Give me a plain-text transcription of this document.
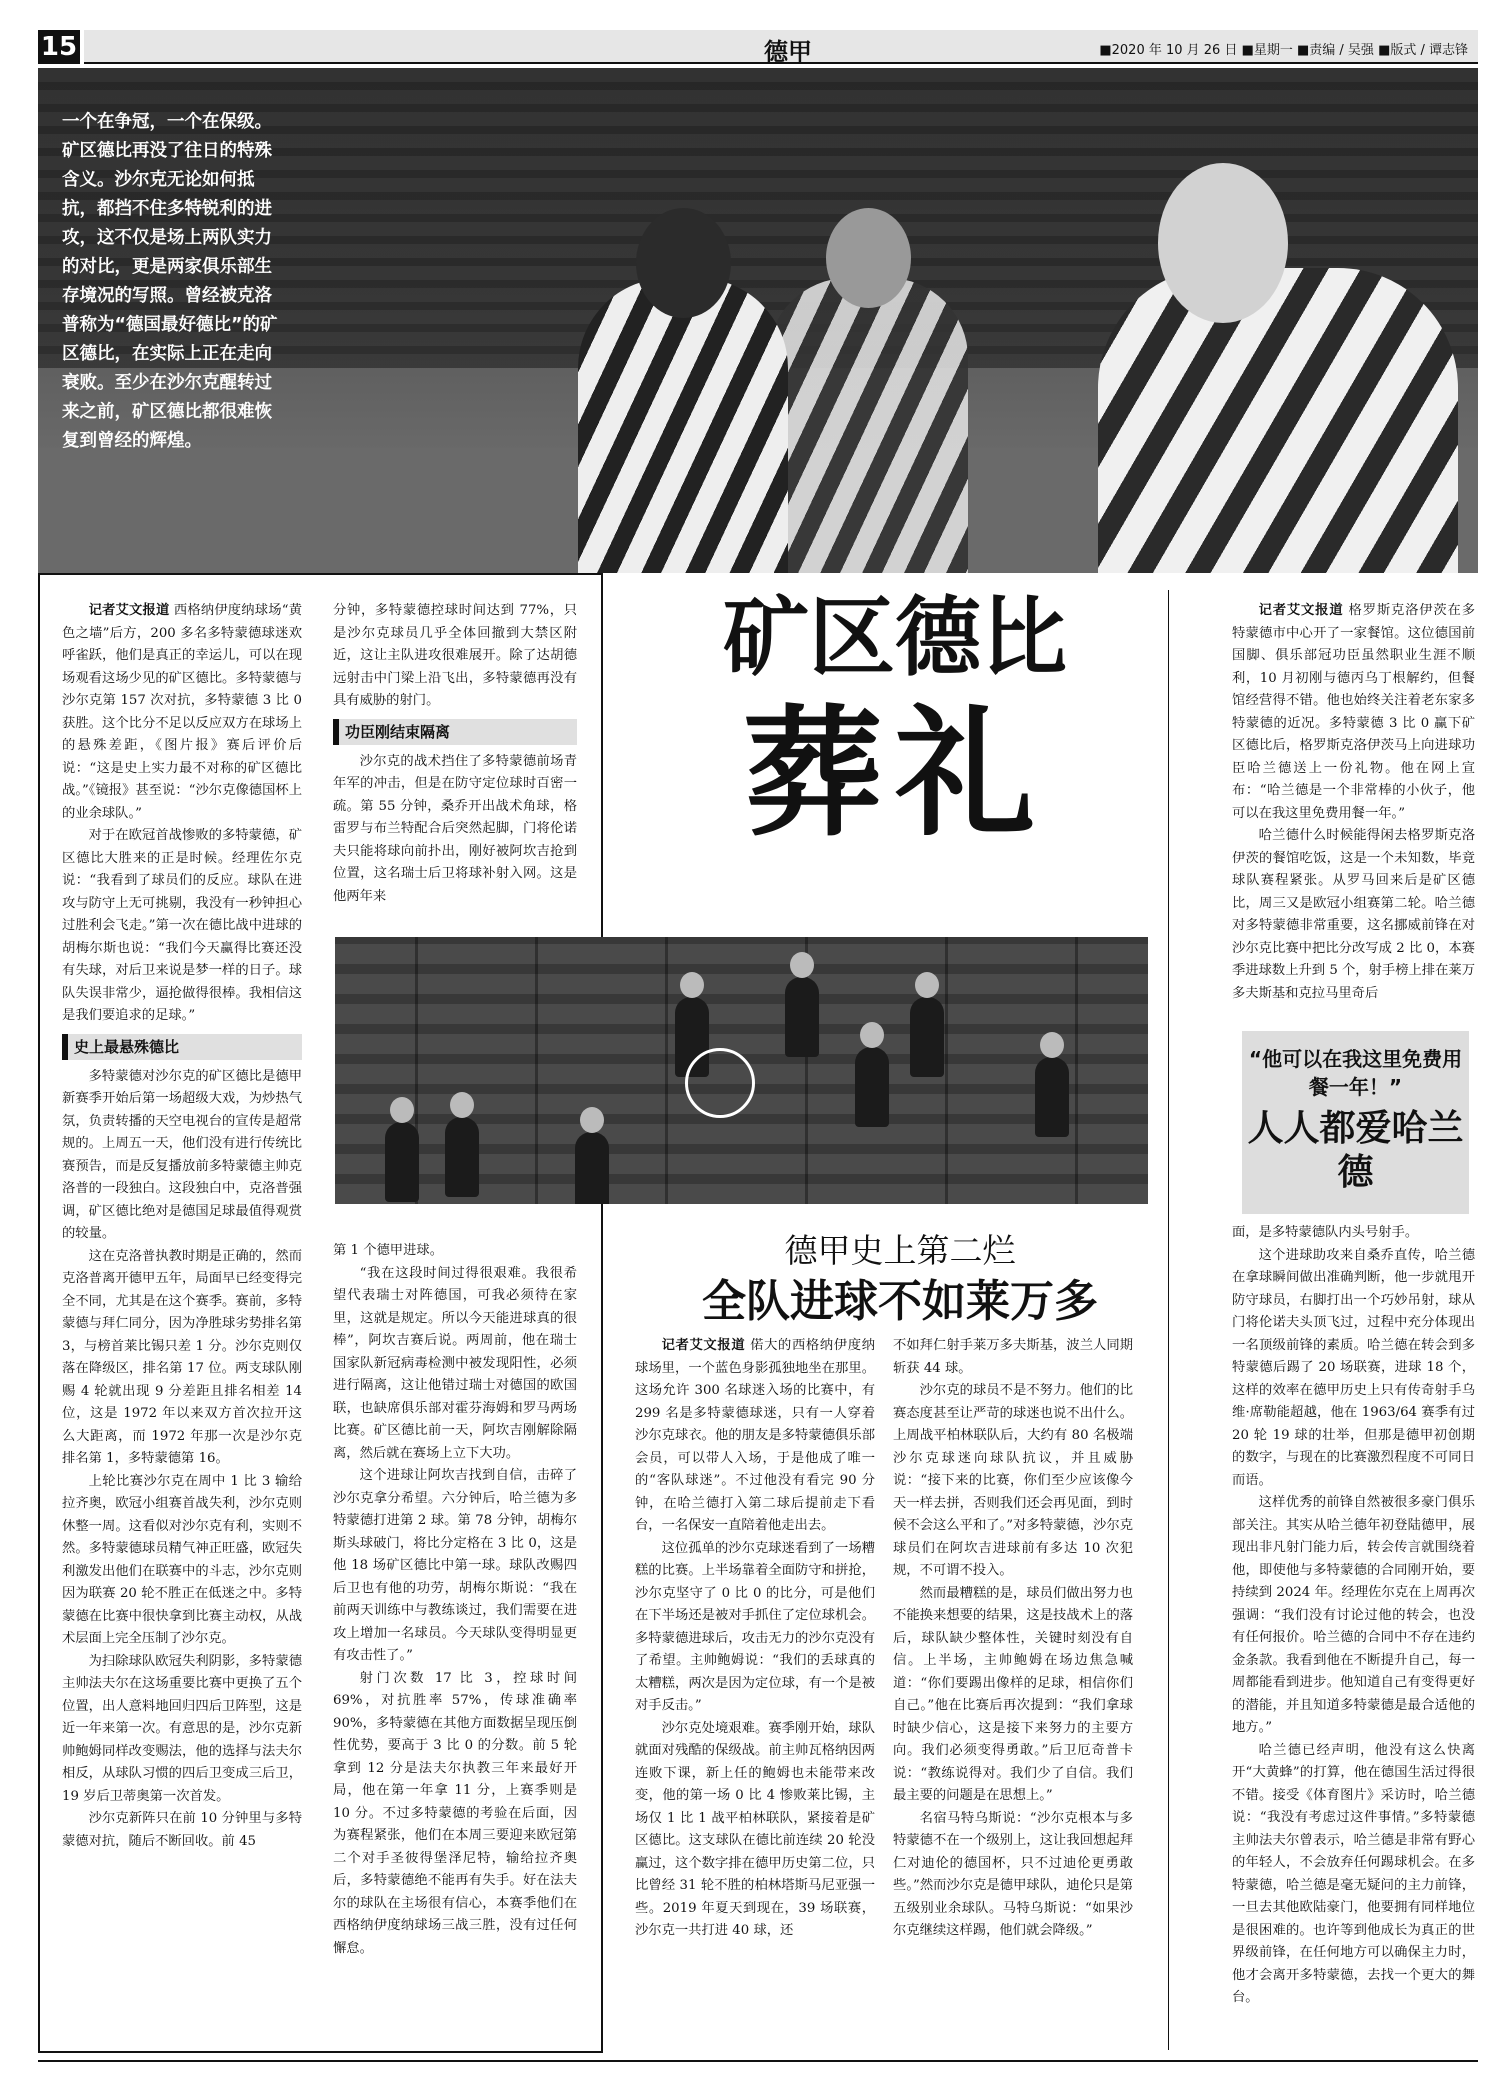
15	德甲	■2020 年 10 月 26 日 ■星期一 ■责编 / 吴强 ■版式 / 谭志锋
一个在争冠，一个在保级。矿区德比再没了往日的特殊含义。沙尔克无论如何抵抗，都挡不住多特锐利的进攻，这不仅是场上两队实力的对比，更是两家俱乐部生存境况的写照。曾经被克洛普称为“德国最好德比”的矿区德比，在实际上正在走向衰败。至少在沙尔克醒转过来之前，矿区德比都很难恢复到曾经的辉煌。

记者艾文报道 西格纳伊度纳球场“黄色之墙”后方，200 多名多特蒙德球迷欢呼雀跃，他们是真正的幸运儿，可以在现场观看这场少见的矿区德比。多特蒙德与沙尔克第 157 次对抗，多特蒙德 3 比 0 获胜。这个比分不足以反应双方在球场上的悬殊差距，《图片报》赛后评价后说：“这是史上实力最不对称的矿区德比战。”《镜报》甚至说：“沙尔克像德国杯上的业余球队。”

对于在欧冠首战惨败的多特蒙德，矿区德比大胜来的正是时候。经理佐尔克说：“我看到了球员们的反应。球队在进攻与防守上无可挑剔，我没有一秒钟担心过胜利会飞走。”第一次在德比战中进球的胡梅尔斯也说：“我们今天赢得比赛还没有失球，对后卫来说是梦一样的日子。球队失误非常少，逼抢做得很棒。我相信这是我们要追求的足球。”

史上最悬殊德比

多特蒙德对沙尔克的矿区德比是德甲新赛季开始后第一场超级大戏，为炒热气氛，负责转播的天空电视台的宣传是超常规的。上周五一天，他们没有进行传统比赛预告，而是反复播放前多特蒙德主帅克洛普的一段独白。这段独白中，克洛普强调，矿区德比绝对是德国足球最值得观赏的较量。

这在克洛普执教时期是正确的，然而克洛普离开德甲五年，局面早已经变得完全不同，尤其是在这个赛季。赛前，多特蒙德与拜仁同分，因为净胜球劣势排名第 3，与榜首莱比锡只差 1 分。沙尔克则仅落在降级区，排名第 17 位。两支球队刚赐 4 轮就出现 9 分差距且排名相差 14 位，这是 1972 年以来双方首次拉开这么大距离，而 1972 年那一次是沙尔克排名第 1，多特蒙德第 16。

上轮比赛沙尔克在周中 1 比 3 输给拉齐奥，欧冠小组赛首战失利，沙尔克则休整一周。这看似对沙尔克有利，实则不然。多特蒙德球员精气神正旺盛，欧冠失利激发出他们在联赛中的斗志，沙尔克则因为联赛 20 轮不胜正在低迷之中。多特蒙德在比赛中很快拿到比赛主动权，从战术层面上完全压制了沙尔克。

为扫除球队欧冠失利阴影，多特蒙德主帅法夫尔在这场重要比赛中更换了五个位置，出人意料地回归四后卫阵型，这是近一年来第一次。有意思的是，沙尔克新帅鲍姆同样改变赐法，他的选择与法夫尔相反，从球队习惯的四后卫变成三后卫，19 岁后卫蒂奥第一次首发。

沙尔克新阵只在前 10 分钟里与多特蒙德对抗，随后不断回收。前 45

分钟，多特蒙德控球时间达到 77%，只是沙尔克球员几乎全体回撤到大禁区附近，这让主队进攻很难展开。除了达胡德远射击中门梁上沿飞出，多特蒙德再没有具有威胁的射门。

功臣刚结束隔离

沙尔克的战术挡住了多特蒙德前场青年军的冲击，但是在防守定位球时百密一疏。第 55 分钟，桑乔开出战术角球，格雷罗与布兰特配合后突然起脚，门将伦诺夫只能将球向前扑出，刚好被阿坎吉抢到位置，这名瑞士后卫将球补射入网。这是他两年来

第 1 个德甲进球。

“我在这段时间过得很艰难。我很希望代表瑞士对阵德国，可我必须待在家里，这就是规定。所以今天能进球真的很棒”，阿坎吉赛后说。两周前，他在瑞士国家队新冠病毒检测中被发现阳性，必须进行隔离，这让他错过瑞士对德国的欧国联，也缺席俱乐部对霍芬海姆和罗马两场比赛。矿区德比前一天，阿坎吉刚解除隔离，然后就在赛场上立下大功。

这个进球让阿坎吉找到自信，击碎了沙尔克拿分希望。六分钟后，哈兰德为多特蒙德打进第 2 球。第 78 分钟，胡梅尔斯头球破门，将比分定格在 3 比 0，这是他 18 场矿区德比中第一球。球队改赐四后卫也有他的功劳，胡梅尔斯说：“我在前两天训练中与教练谈过，我们需要在进攻上增加一名球员。今天球队变得明显更有攻击性了。”

射门次数 17 比 3，控球时间 69%，对抗胜率 57%，传球准确率 90%，多特蒙德在其他方面数据呈现压倒性优势，要高于 3 比 0 的分数。前 5 轮拿到 12 分是法夫尔执教三年来最好开局，他在第一年拿 11 分，上赛季则是 10 分。不过多特蒙德的考验在后面，因为赛程紧张，他们在本周三要迎来欧冠第二个对手圣彼得堡泽尼特，输给拉齐奥后，多特蒙德绝不能再有失手。好在法夫尔的球队在主场很有信心，本赛季他们在西格纳伊度纳球场三战三胜，没有过任何懈怠。

矿区德比
葬礼
德甲史上第二烂
全队进球不如莱万多

记者艾文报道 偌大的西格纳伊度纳球场里，一个蓝色身影孤独地坐在那里。这场允许 300 名球迷入场的比赛中，有 299 名是多特蒙德球迷，只有一人穿着沙尔克球衣。他的朋友是多特蒙德俱乐部会员，可以带人入场，于是他成了唯一的“客队球迷”。不过他没有看完 90 分钟，在哈兰德打入第二球后提前走下看台，一名保安一直陪着他走出去。

这位孤单的沙尔克球迷看到了一场糟糕的比赛。上半场靠着全面防守和拼抢，沙尔克坚守了 0 比 0 的比分，可是他们在下半场还是被对手抓住了定位球机会。多特蒙德进球后，攻击无力的沙尔克没有了希望。主帅鲍姆说：“我们的丢球真的太糟糕，两次是因为定位球，有一个是被对手反击。”

沙尔克处境艰难。赛季刚开始，球队就面对残酷的保级战。前主帅瓦格纳因两连败下课，新上任的鲍姆也未能带来改变，他的第一场 0 比 4 惨败莱比锡，主场仅 1 比 1 战平柏林联队，紧接着是矿区德比。这支球队在德比前连续 20 轮没赢过，这个数字排在德甲历史第二位，只比曾经 31 轮不胜的柏林塔斯马尼亚强一些。2019 年夏天到现在，39 场联赛，沙尔克一共打进 40 球，还

不如拜仁射手莱万多夫斯基，波兰人同期斩获 44 球。

沙尔克的球员不是不努力。他们的比赛态度甚至让严苛的球迷也说不出什么。上周战平柏林联队后，大约有 80 名极端沙尔克球迷向球队抗议，并且威胁说：“接下来的比赛，你们至少应该像今天一样去拼，否则我们还会再见面，到时候不会这么平和了。”对多特蒙德，沙尔克球员们在阿坎吉进球前有多达 10 次犯规，不可谓不投入。

然而最糟糕的是，球员们做出努力也不能换来想要的结果，这是技战术上的落后，球队缺少整体性，关键时刻没有自信。上半场，主帅鲍姆在场边焦急喊道：“你们要踢出像样的足球，相信你们自己。”他在比赛后再次提到：“我们拿球时缺少信心，这是接下来努力的主要方向。我们必须变得勇敢。”后卫厄奇普卡说：“教练说得对。我们少了自信。我们最主要的问题是在思想上。”

名宿马特乌斯说：“沙尔克根本与多特蒙德不在一个级别上，这让我回想起拜仁对迪伦的德国杯，只不过迪伦更勇敢些。”然而沙尔克是德甲球队，迪伦只是第五级别业余球队。马特乌斯说：“如果沙尔克继续这样踢，他们就会降级。”

记者艾文报道 格罗斯克洛伊茨在多特蒙德市中心开了一家餐馆。这位德国前国脚、俱乐部冠功臣虽然职业生涯不顺利，10 月初刚与德丙乌丁根解约，但餐馆经营得不错。他也始终关注着老东家多特蒙德的近况。多特蒙德 3 比 0 赢下矿区德比后，格罗斯克洛伊茨马上向进球功臣哈兰德送上一份礼物。他在网上宣布：“哈兰德是一个非常棒的小伙子，他可以在我这里免费用餐一年。”

哈兰德什么时候能得闲去格罗斯克洛伊茨的餐馆吃饭，这是一个未知数，毕竟球队赛程紧张。从罗马回来后是矿区德比，周三又是欧冠小组赛第二轮。哈兰德对多特蒙德非常重要，这名挪威前锋在对沙尔克比赛中把比分改写成 2 比 0，本赛季进球数上升到 5 个，射手榜上排在莱万多夫斯基和克拉马里奇后

“他可以在我这里免费用餐一年！”
人人都爱哈兰德

面，是多特蒙德队内头号射手。

这个进球助攻来自桑乔直传，哈兰德在拿球瞬间做出准确判断，他一步就甩开防守球员，右脚打出一个巧妙吊射，球从门将伦诺夫头顶飞过，过程中充分体现出一名顶级前锋的素质。哈兰德在转会到多特蒙德后踢了 20 场联赛，进球 18 个，这样的效率在德甲历史上只有传奇射手乌维·席勒能超越，他在 1963/64 赛季有过 20 轮 19 球的壮举，但那是德甲初创期的数字，与现在的比赛激烈程度不可同日而语。

这样优秀的前锋自然被很多豪门俱乐部关注。其实从哈兰德年初登陆德甲，展现出非凡射门能力后，转会传言就围绕着他，即使他与多特蒙德的合同刚开始，要持续到 2024 年。经理佐尔克在上周再次强调：“我们没有讨论过他的转会，也没有任何报价。哈兰德的合同中不存在违约金条款。我看到他在不断提升自己，每一周都能看到进步。他知道自己有变得更好的潜能，并且知道多特蒙德是最合适他的地方。”

哈兰德已经声明，他没有这么快离开“大黄蜂”的打算，他在德国生活过得很不错。接受《体育图片》采访时，哈兰德说：“我没有考虑过这件事情。”多特蒙德主帅法夫尔曾表示，哈兰德是非常有野心的年轻人，不会放弃任何踢球机会。在多特蒙德，哈兰德是毫无疑问的主力前锋，一旦去其他欧陆豪门，他要拥有同样地位是很困难的。也许等到他成长为真正的世界级前锋，在任何地方可以确保主力时，他才会离开多特蒙德，去找一个更大的舞台。
